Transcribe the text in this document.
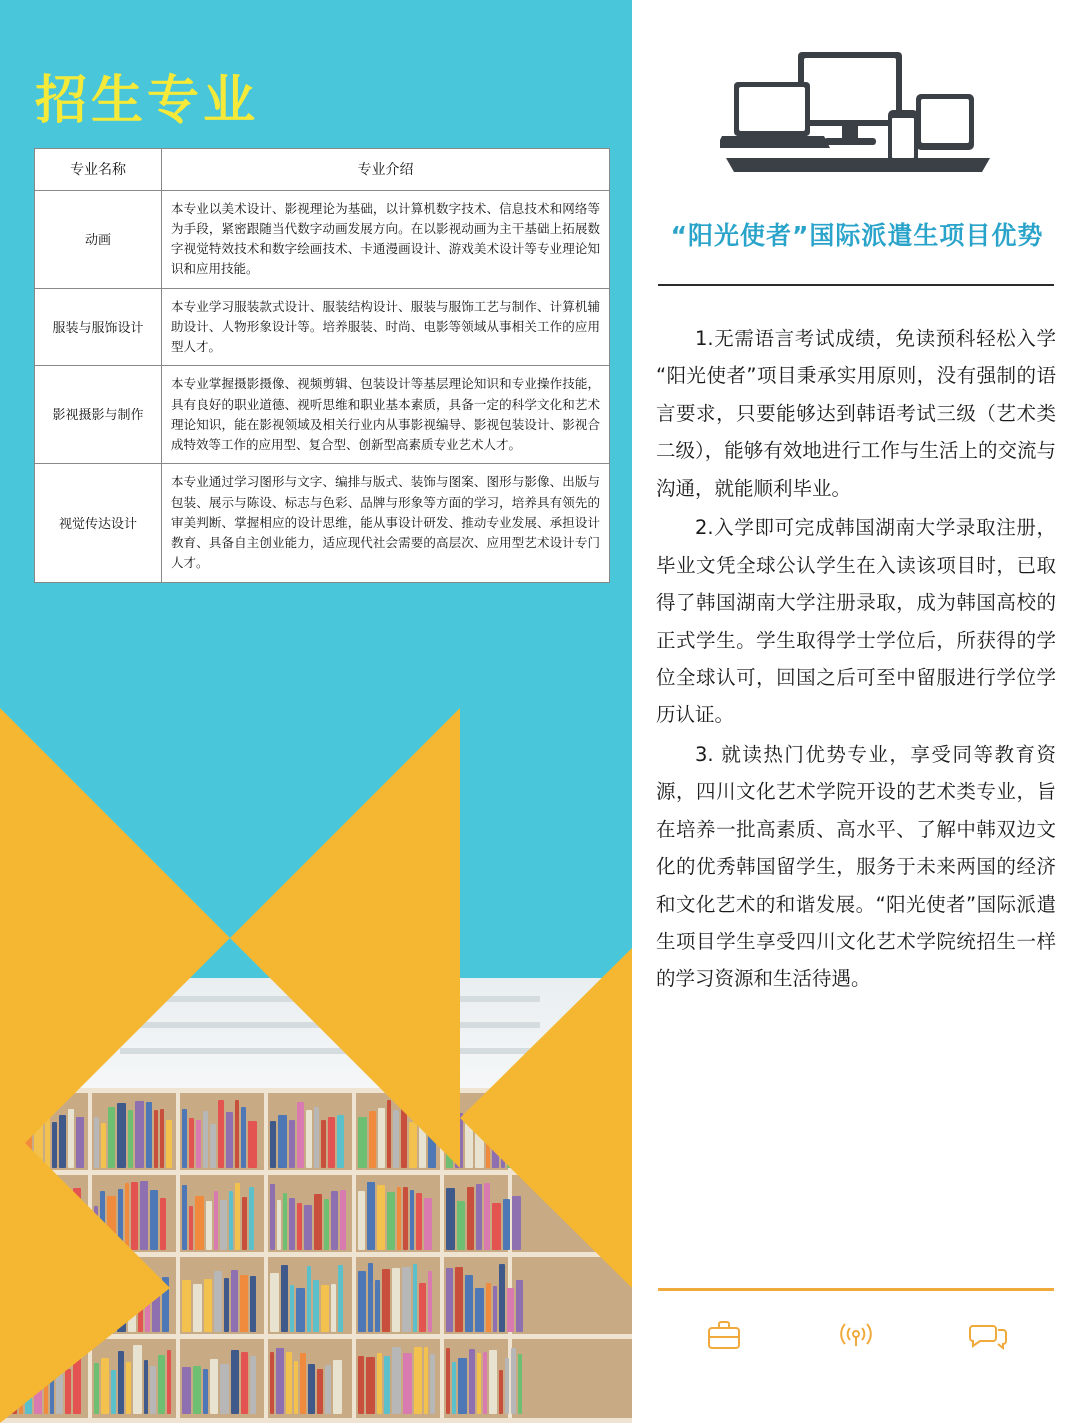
招生专业
专业名称	专业介绍
动画	本专业以美术设计、影视理论为基础，以计算机数字技术、信息技术和网络等为手段，紧密跟随当代数字动画发展方向。在以影视动画为主干基础上拓展数字视觉特效技术和数字绘画技术、卡通漫画设计、游戏美术设计等专业理论知识和应用技能。
服装与服饰设计	本专业学习服装款式设计、服装结构设计、服装与服饰工艺与制作、计算机辅助设计、人物形象设计等。培养服装、时尚、电影等领域从事相关工作的应用型人才。
影视摄影与制作	本专业掌握摄影摄像、视频剪辑、包装设计等基层理论知识和专业操作技能，具有良好的职业道德、视听思维和职业基本素质，具备一定的科学文化和艺术理论知识，能在影视领域及相关行业内从事影视编导、影视包装设计、影视合成特效等工作的应用型、复合型、创新型高素质专业艺术人才。
视觉传达设计	本专业通过学习图形与文字、编排与版式、装饰与图案、图形与影像、出版与包装、展示与陈设、标志与色彩、品牌与形象等方面的学习，培养具有领先的审美判断、掌握相应的设计思维，能从事设计研发、推动专业发展、承担设计教育、具备自主创业能力，适应现代社会需要的高层次、应用型艺术设计专门人才。
“阳光使者”国际派遣生项目优势

1.无需语言考试成绩，免读预科轻松入学“阳光使者”项目秉承实用原则，没有强制的语言要求，只要能够达到韩语考试三级（艺术类二级），能够有效地进行工作与生活上的交流与沟通，就能顺利毕业。

2.入学即可完成韩国湖南大学录取注册，毕业文凭全球公认学生在入读该项目时，已取得了韩国湖南大学注册录取，成为韩国高校的正式学生。学生取得学士学位后，所获得的学位全球认可，回国之后可至中留服进行学位学历认证。

3. 就读热门优势专业，享受同等教育资源，四川文化艺术学院开设的艺术类专业，旨在培养一批高素质、高水平、了解中韩双边文化的优秀韩国留学生，服务于未来两国的经济和文化艺术的和谐发展。“阳光使者”国际派遣生项目学生享受四川文化艺术学院统招生一样的学习资源和生活待遇。
